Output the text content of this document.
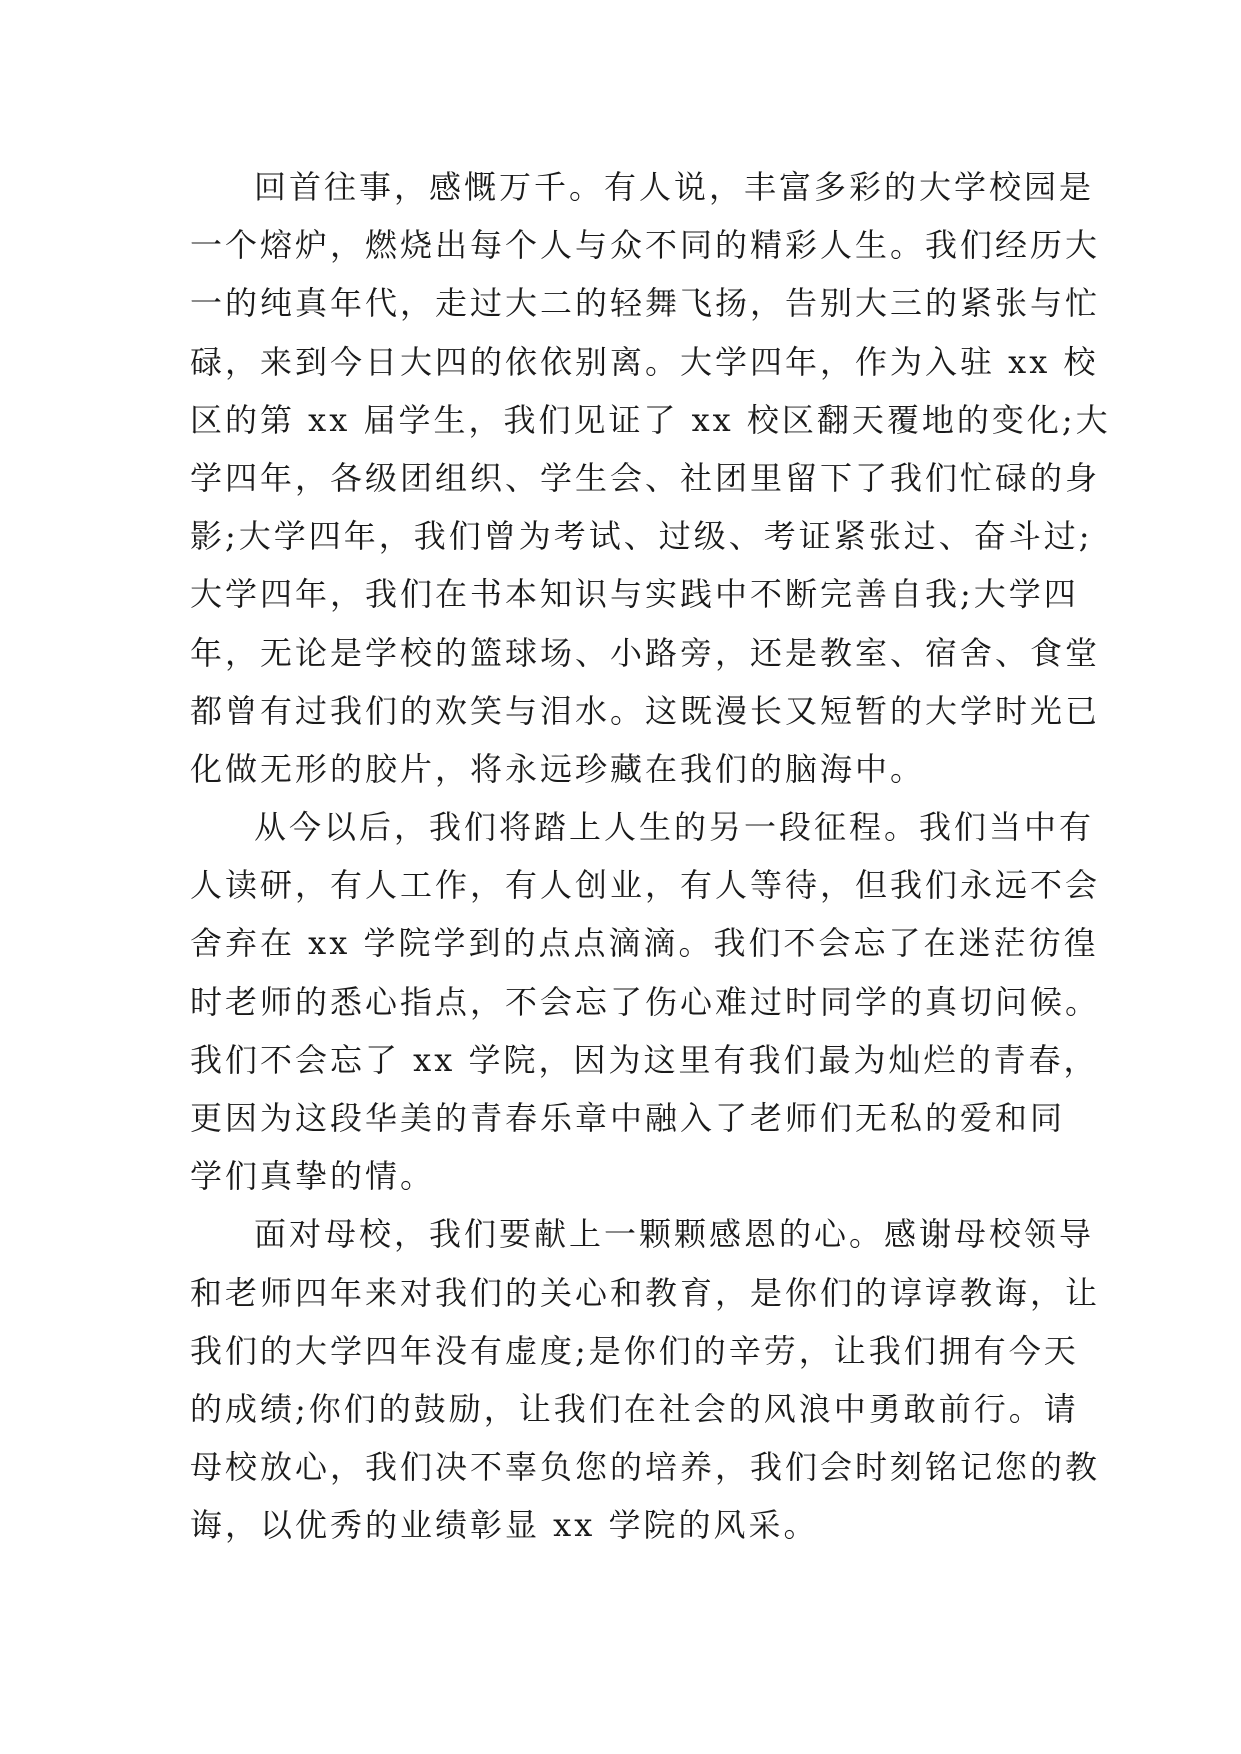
回首往事，感慨万千。有人说，丰富多彩的大学校园是
一个熔炉，燃烧出每个人与众不同的精彩人生。我们经历大
一的纯真年代，走过大二的轻舞飞扬，告别大三的紧张与忙
碌，来到今日大四的依依别离。大学四年，作为入驻 xx 校
区的第 xx 届学生，我们见证了 xx 校区翻天覆地的变化;大
学四年，各级团组织、学生会、社团里留下了我们忙碌的身
影;大学四年，我们曾为考试、过级、考证紧张过、奋斗过;
大学四年，我们在书本知识与实践中不断完善自我;大学四
年，无论是学校的篮球场、小路旁，还是教室、宿舍、食堂
都曾有过我们的欢笑与泪水。这既漫长又短暂的大学时光已
化做无形的胶片，将永远珍藏在我们的脑海中。

从今以后，我们将踏上人生的另一段征程。我们当中有
人读研，有人工作，有人创业，有人等待，但我们永远不会
舍弃在 xx 学院学到的点点滴滴。我们不会忘了在迷茫彷徨
时老师的悉心指点，不会忘了伤心难过时同学的真切问候。
我们不会忘了 xx 学院，因为这里有我们最为灿烂的青春，
更因为这段华美的青春乐章中融入了老师们无私的爱和同
学们真挚的情。

面对母校，我们要献上一颗颗感恩的心。感谢母校领导
和老师四年来对我们的关心和教育，是你们的谆谆教诲，让
我们的大学四年没有虚度;是你们的辛劳，让我们拥有今天
的成绩;你们的鼓励，让我们在社会的风浪中勇敢前行。请
母校放心，我们决不辜负您的培养，我们会时刻铭记您的教
诲，以优秀的业绩彰显 xx 学院的风采。
